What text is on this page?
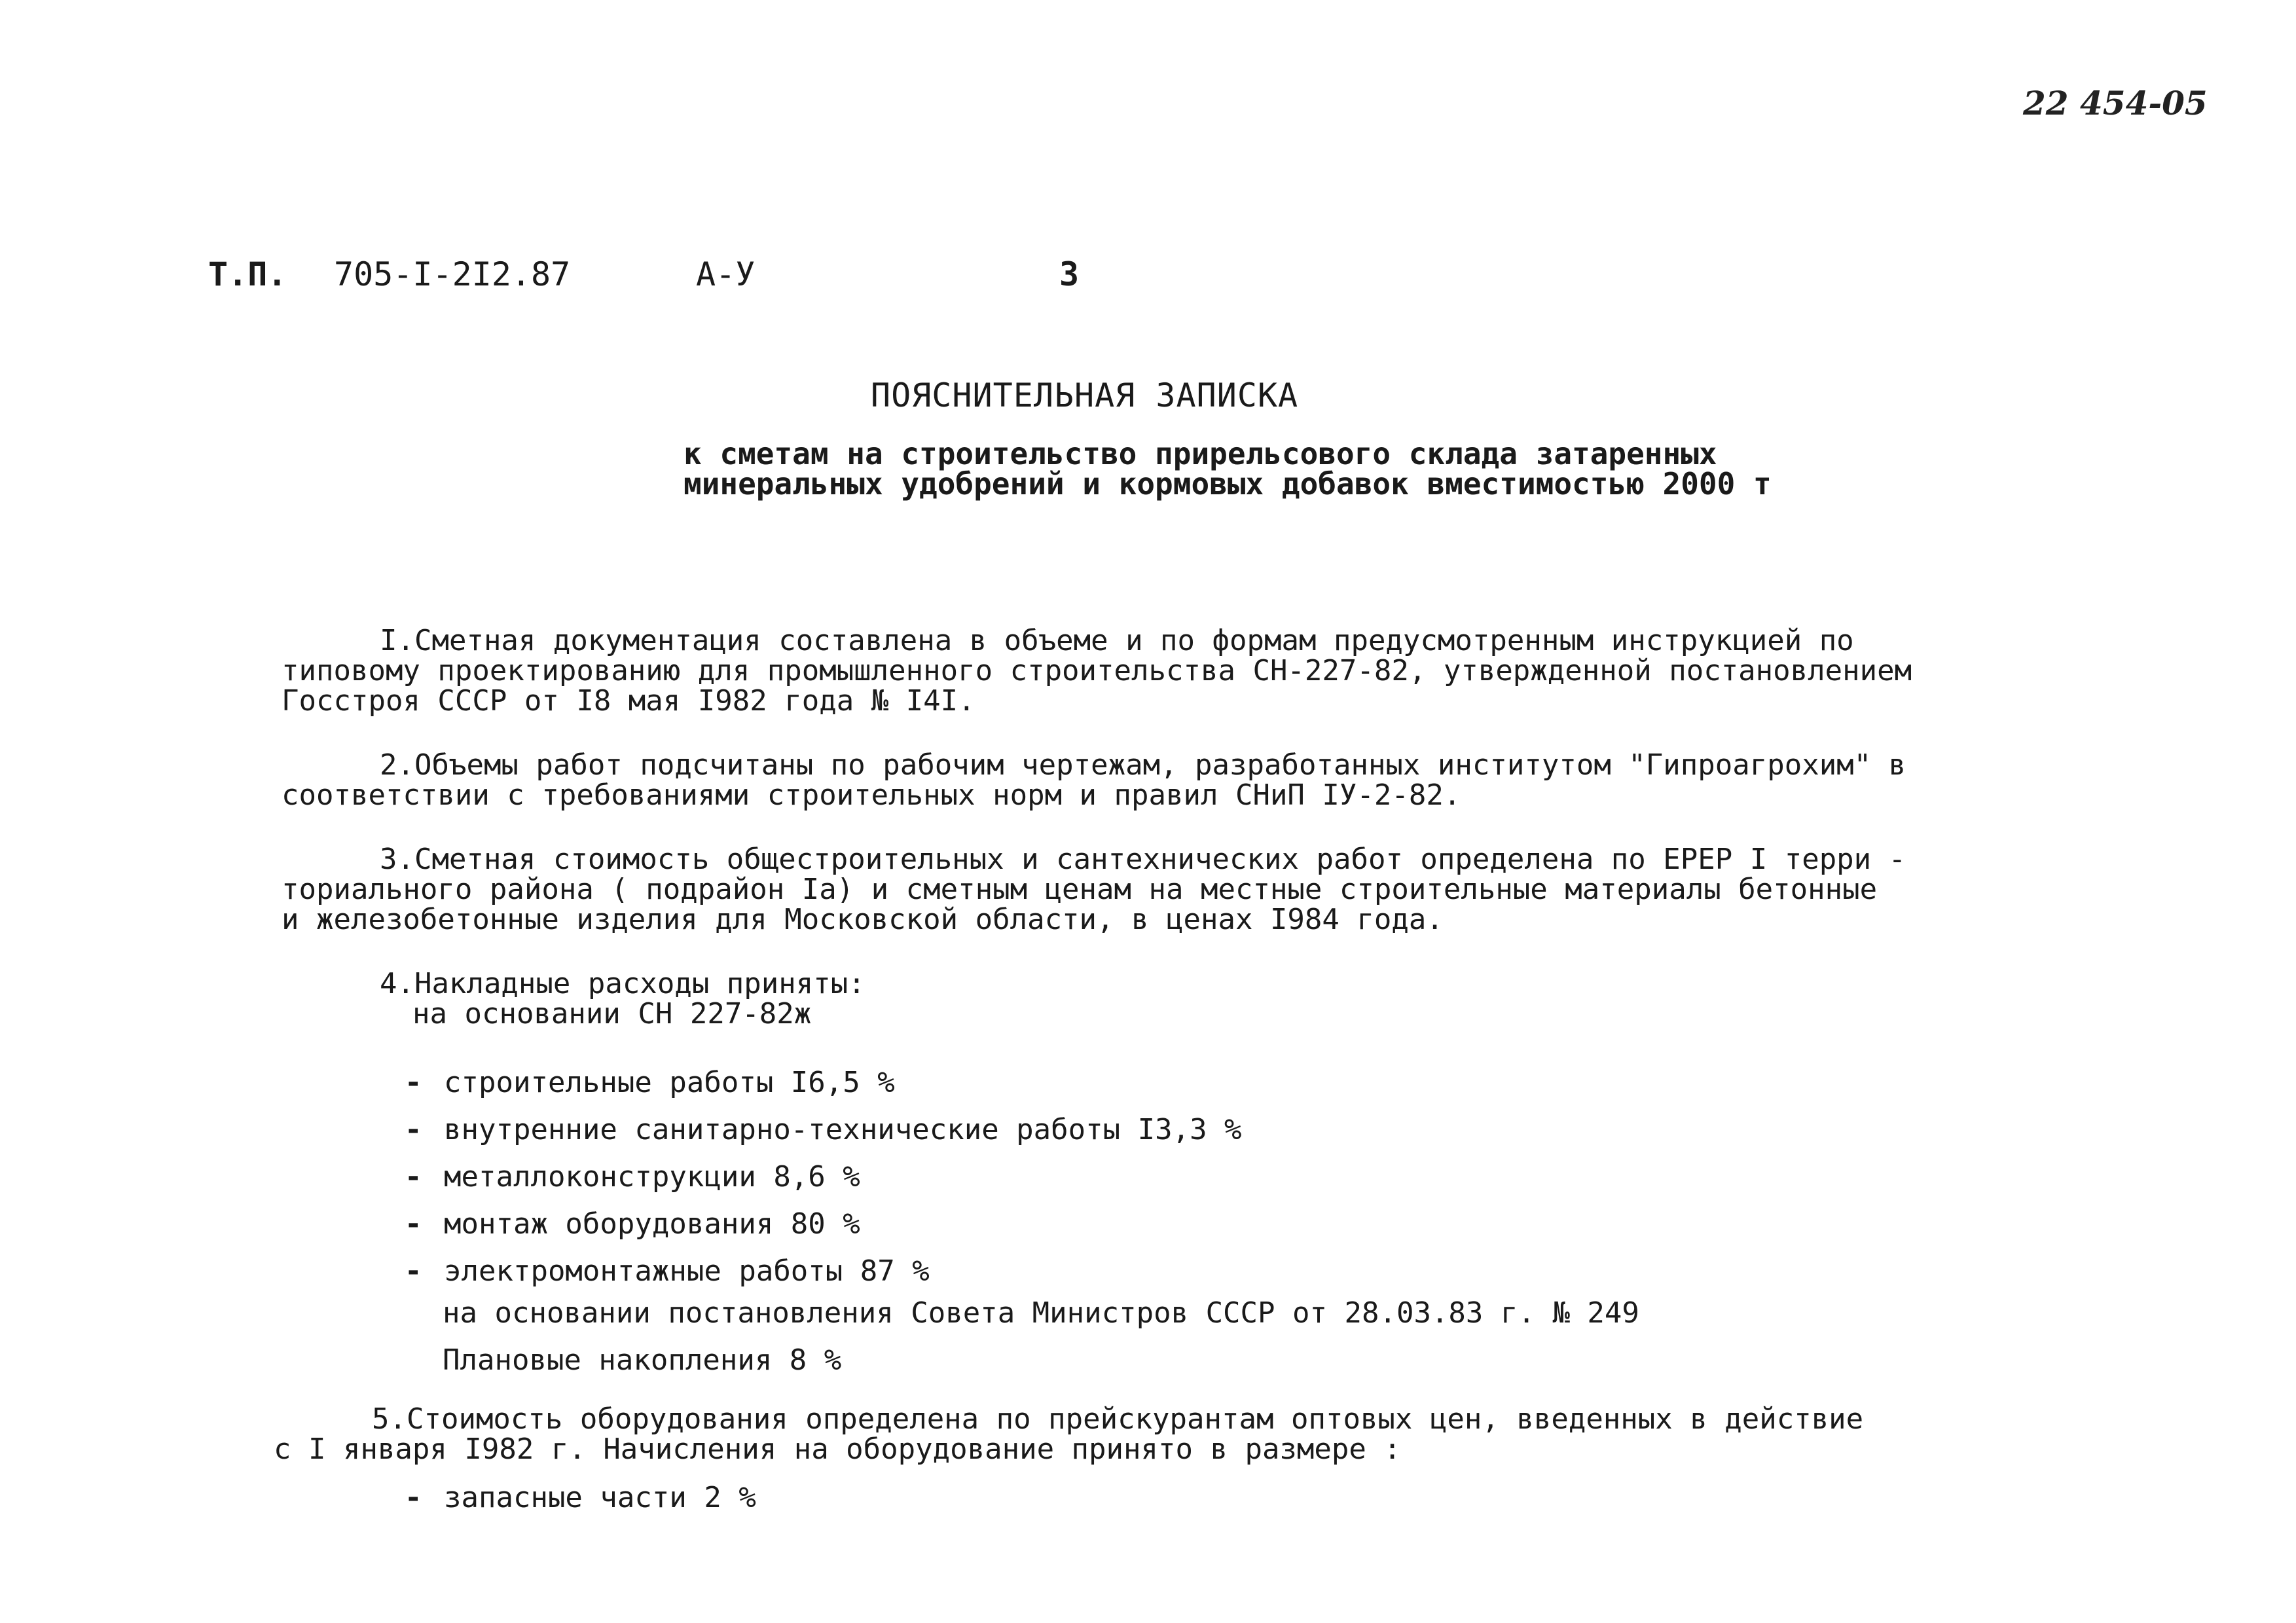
22 454-05
Т.П. 705-I-2I2.87	А-У	3
ПОЯСНИТЕЛЬНАЯ ЗАПИСКА
к сметам на строительство прирельсового склада затаренных
минеральных удобрений и кормовых добавок вместимостью 2000 т
I.Сметная документация составлена в объеме и по формам предусмотренным инструкцией по
типовому проектированию для промышленного строительства СН-227-82, утвержденной постановлением
Госстроя СССР от I8 мая I982 года № I4I.
2.Объемы работ подсчитаны по рабочим чертежам, разработанных институтом "Гипроагрохим" в
соответствии с требованиями строительных норм и правил СНиП IУ-2-82.
3.Сметная стоимость общестроительных и сантехнических работ определена по ЕРЕР I терри -
ториального района ( подрайон Iа) и сметным ценам на местные строительные материалы бетонные
и железобетонные изделия для Московской области, в ценах I984 года.
4.Накладные расходы приняты:
на основании СН 227-82ж
- строительные работы I6,5 %
- внутренние санитарно-технические работы I3,3 %
- металлоконструкции 8,6 %
- монтаж оборудования 80 %
- электромонтажные работы 87 %
на основании постановления Совета Министров СССР от 28.03.83 г. № 249
Плановые накопления 8 %
5.Стоимость оборудования определена по прейскурантам оптовых цен, введенных в действие
с I января I982 г. Начисления на оборудование принято в размере :
- запасные части 2 %
